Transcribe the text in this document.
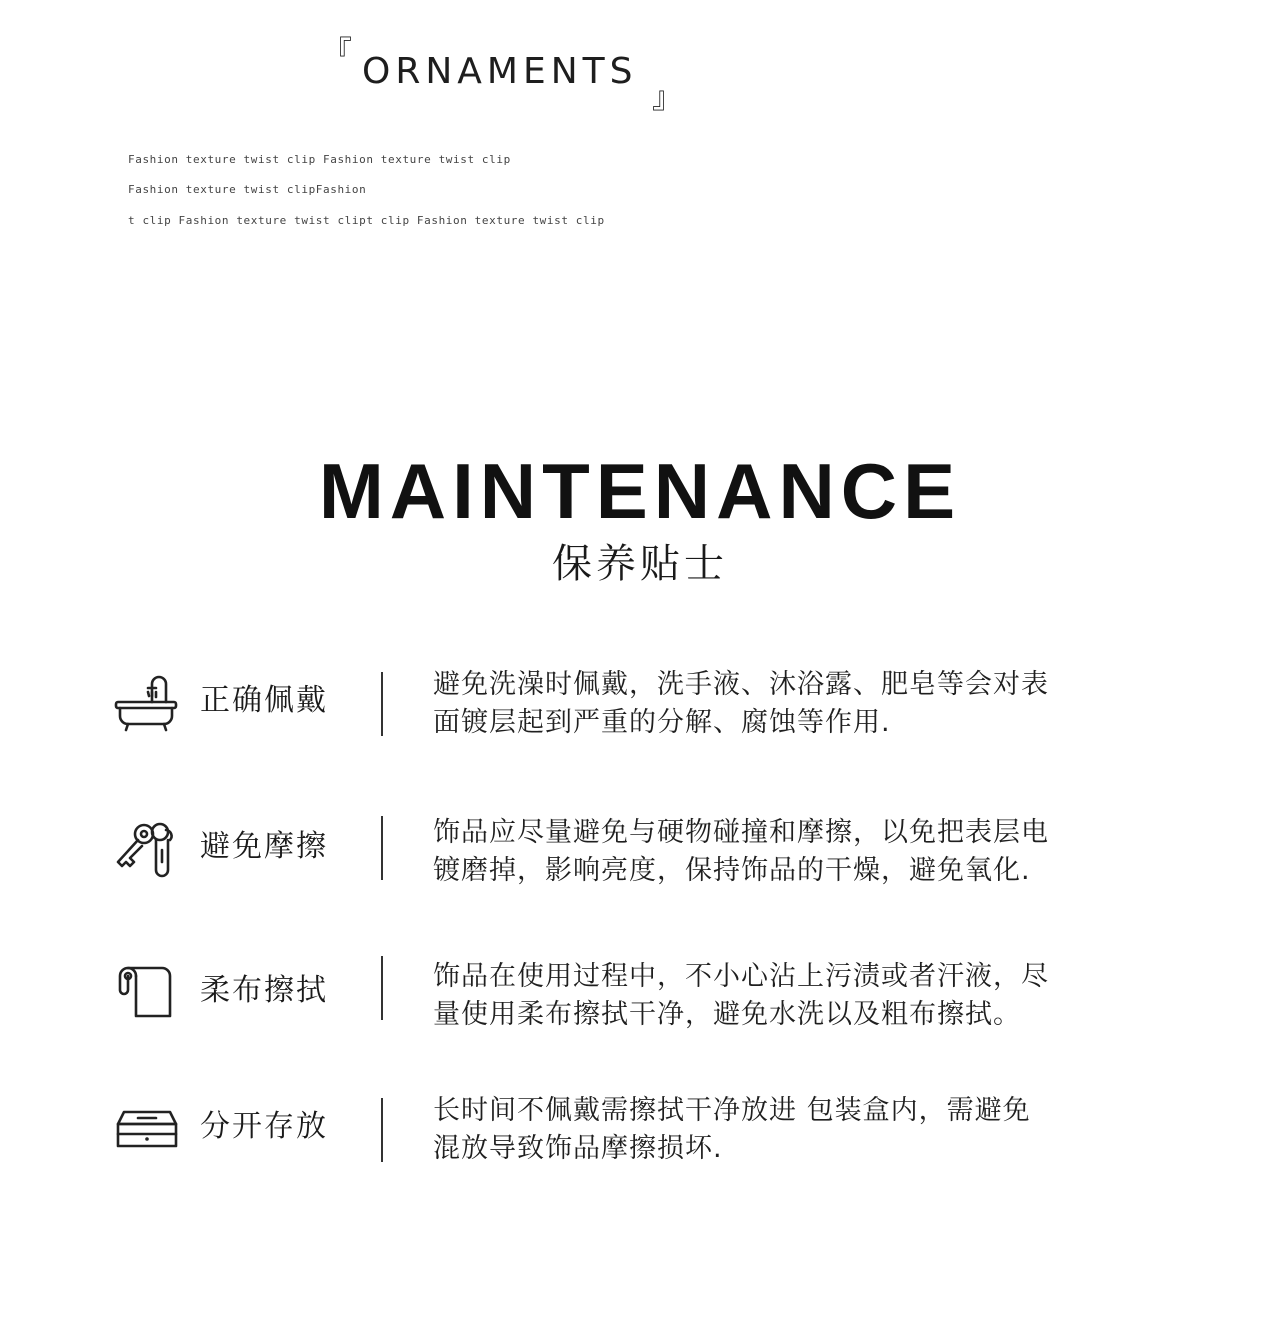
『 ORNAMENTS
』
Fashion texture twist clip Fashion texture twist clip
Fashion texture twist clipFashion
t clip Fashion texture twist clipt clip Fashion texture twist clip
MAINTENANCE
保养贴士
正确佩戴	避免洗澡时佩戴，洗手液、沐浴露、肥皂等会对表
面镀层起到严重的分解、腐蚀等作用.
避免摩擦	饰品应尽量避免与硬物碰撞和摩擦，以免把表层电
镀磨掉，影响亮度，保持饰品的干燥，避免氧化.
柔布擦拭	饰品在使用过程中，不小心沾上污渍或者汗液，尽
量使用柔布擦拭干净，避免水洗以及粗布擦拭。
分开存放	长时间不佩戴需擦拭干净放进 包装盒内，需避免
混放导致饰品摩擦损坏.
